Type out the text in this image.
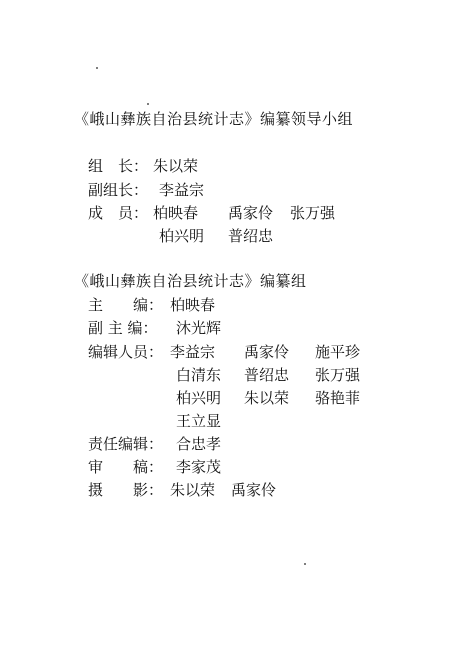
《峨山彝族自治县统计志》编纂领导小组
组　长： 朱以荣
副组长： 李益宗
成　员： 柏映春 禹家伶 张万强
柏兴明 普绍忠
《峨山彝族自治县统计志》编纂组
主　　编： 柏映春
副 主 编： 沐光辉
编辑人员： 李益宗 禹家伶 施平珍
白清东 普绍忠 张万强
柏兴明 朱以荣 骆艳菲
王立显
责任编辑： 合忠孝
审　　稿： 李家茂
摄　　影： 朱以荣 禹家伶
